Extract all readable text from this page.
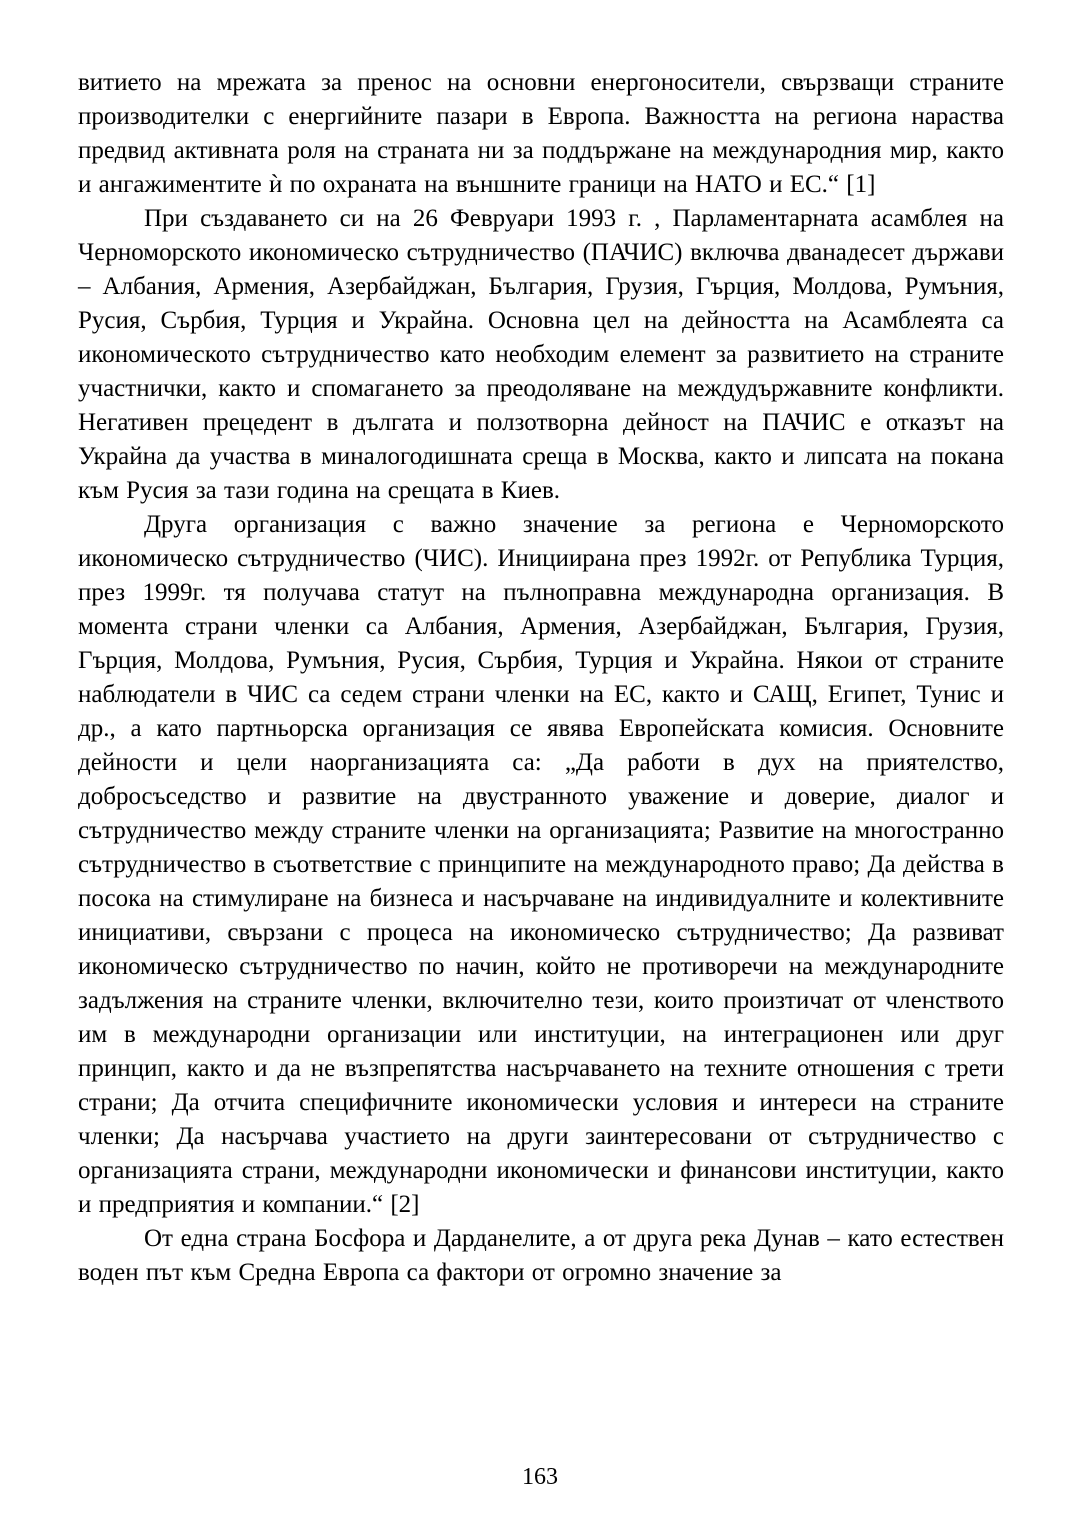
витието на мрежата за пренос на основни енергоносители, свързващи страните производителки с енергийните пазари в Европа. Важността на региона нараства предвид активната роля на страната ни за поддържане на международния мир, както и ангажиментите ѝ по охраната на външните граници на НАТО и ЕС.“ [1]

При създаването си на 26 Февруари 1993 г. , Парламентарната асамблея на Черноморското икономическо сътрудничество (ПАЧИС) включва дванадесет държави – Албания, Армения, Азербайджан, България, Грузия, Гърция, Молдова, Румъния, Русия, Сърбия, Турция и Украйна. Основна цел на дейността на Асамблеята са икономическото сътрудничество като необходим елемент за развитието на страните участнички, както и спомагането за преодоляване на междудържавните конфликти. Негативен прецедент в дългата и ползотворна дейност на ПАЧИС е отказът на Украйна да участва в миналогодишната среща в Москва, както и липсата на покана към Русия за тази година на срещата в Киев.

Друга организация с важно значение за региона е Черноморското икономическо сътрудничество (ЧИС). Инициирана през 1992г. от Република Турция, през 1999г. тя получава статут на пълноправна международна организация. В момента страни членки са Албания, Армения, Азербайджан, България, Грузия, Гърция, Молдова, Румъния, Русия, Сърбия, Турция и Украйна. Някои от страните наблюдатели в ЧИС са седем страни членки на ЕС, както и САЩ, Египет, Тунис и др., а като партньорска организация се явява Европейската комисия. Основните дейности и цели наорганизацията са: „Да работи в дух на приятелство, добросъседство и развитие на двустранното уважение и доверие, диалог и сътрудничество между страните членки на организацията; Развитие на многостранно сътрудничество в съответствие с принципите на международното право; Да действа в посока на стимулиране на бизнеса и насърчаване на индивидуалните и колективните инициативи, свързани с процеса на икономическо сътрудничество; Да развиват икономическо сътрудничество по начин, който не противоречи на международните задължения на страните членки, включително тези, които произтичат от членството им в международни организации или институции, на интеграционен или друг принцип, както и да не възпрепятства насърчаването на техните отношения с трети страни; Да отчита специфичните икономически условия и интереси на страните членки; Да насърчава участието на други заинтересовани от сътрудничество с организацията страни, международни икономически и финансови институции, както и предприятия и компании.“ [2]

От една страна Босфора и Дарданелите, а от друга река Дунав – като естествен воден път към Средна Европа са фактори от огромно значение за

163
